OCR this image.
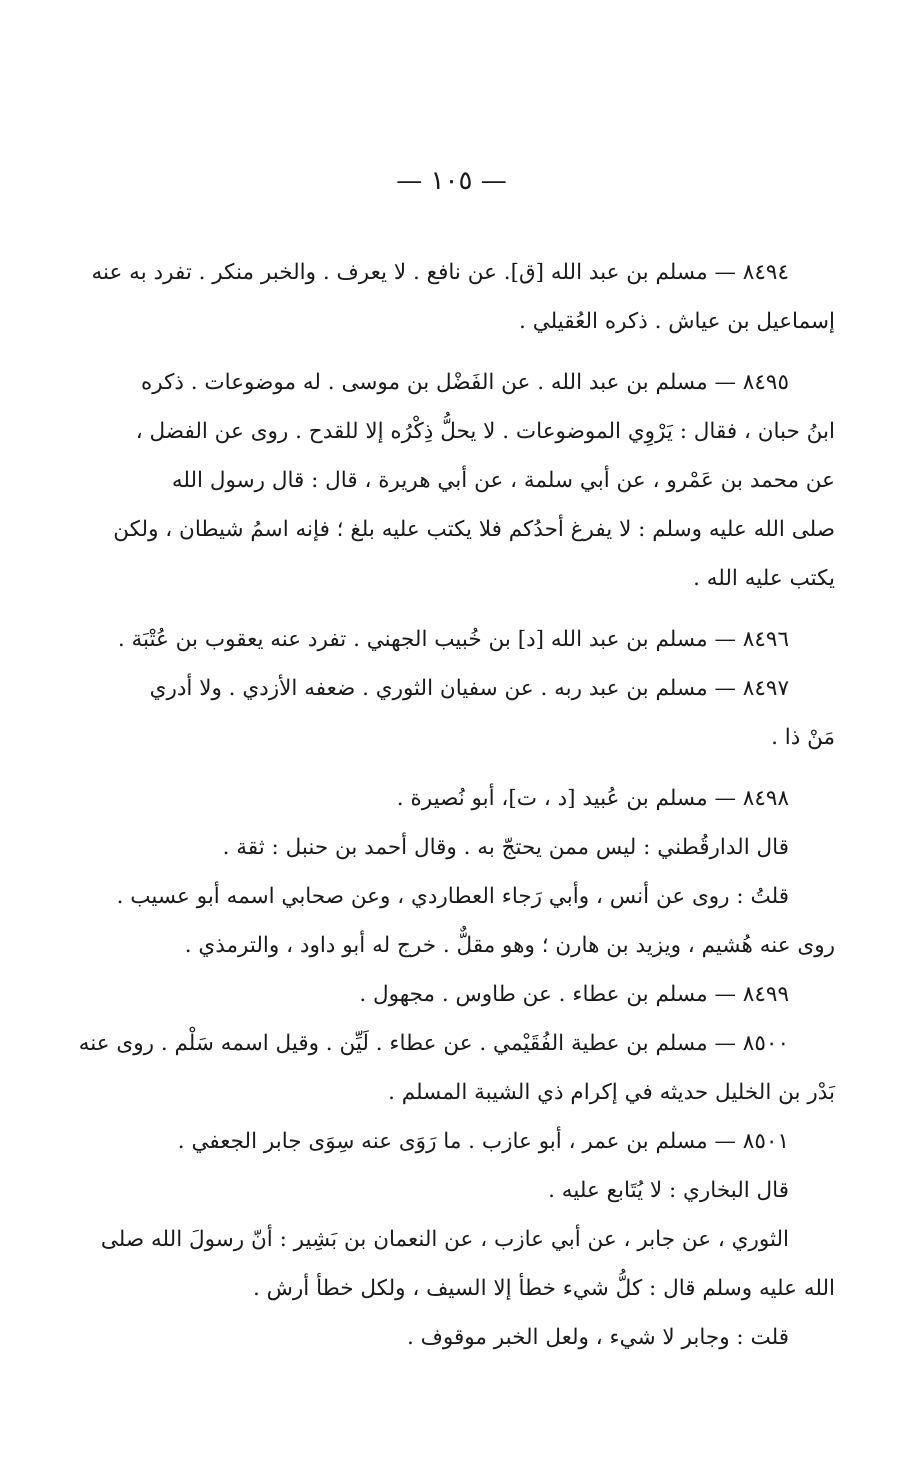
— ١٠٥ —
٨٤٩٤ — مسلم بن عبد الله [ق]. عن نافع . لا يعرف . والخبر منكر . تفرد به عنه
إسماعيل بن عياش . ذكره العُقيلي .
٨٤٩٥ — مسلم بن عبد الله . عن الفَضْل بن موسى . له موضوعات . ذكره
ابنُ حبان ، فقال : يَرْوِي الموضوعات . لا يحلُّ ذِكْرُه إلا للقدح . روى عن الفضل ،
عن محمد بن عَمْرو ، عن أبي سلمة ، عن أبي هريرة ، قال : قال رسول الله
صلى الله عليه وسلم : لا يفرغ أحدُكم فلا يكتب عليه بلغ ؛ فإنه اسمُ شيطان ، ولكن
يكتب عليه الله .
٨٤٩٦ — مسلم بن عبد الله [د] بن خُبيب الجهني . تفرد عنه يعقوب بن عُتْبَة .
٨٤٩٧ — مسلم بن عبد ربه . عن سفيان الثوري . ضعفه الأزدي . ولا أدري
مَنْ ذا .
٨٤٩٨ — مسلم بن عُبيد [د ، ت]، أبو نُصيرة .
قال الدارقُطني : ليس ممن يحتجّ به . وقال أحمد بن حنبل : ثقة .
قلتُ : روى عن أنس ، وأبي رَجاء العطاردي ، وعن صحابي اسمه أبو عسيب .
روى عنه هُشيم ، ويزيد بن هارن ؛ وهو مقلٌّ . خرج له أبو داود ، والترمذي .
٨٤٩٩ — مسلم بن عطاء . عن طاوس . مجهول .
٨٥٠٠ — مسلم بن عطية الفُقَيْمي . عن عطاء . لَيِّن . وقيل اسمه سَلْم . روى عنه
بَدْر بن الخليل حديثه في إكرام ذي الشيبة المسلم .
٨٥٠١ — مسلم بن عمر ، أبو عازب . ما رَوَى عنه سِوَى جابر الجعفي .
قال البخاري : لا يُتَابع عليه .
الثوري ، عن جابر ، عن أبي عازب ، عن النعمان بن بَشِير : أنّ رسولَ الله صلى
الله عليه وسلم قال : كلُّ شيء خطأ إلا السيف ، ولكل خطأ أرش .
قلت : وجابر لا شيء ، ولعل الخبر موقوف .
